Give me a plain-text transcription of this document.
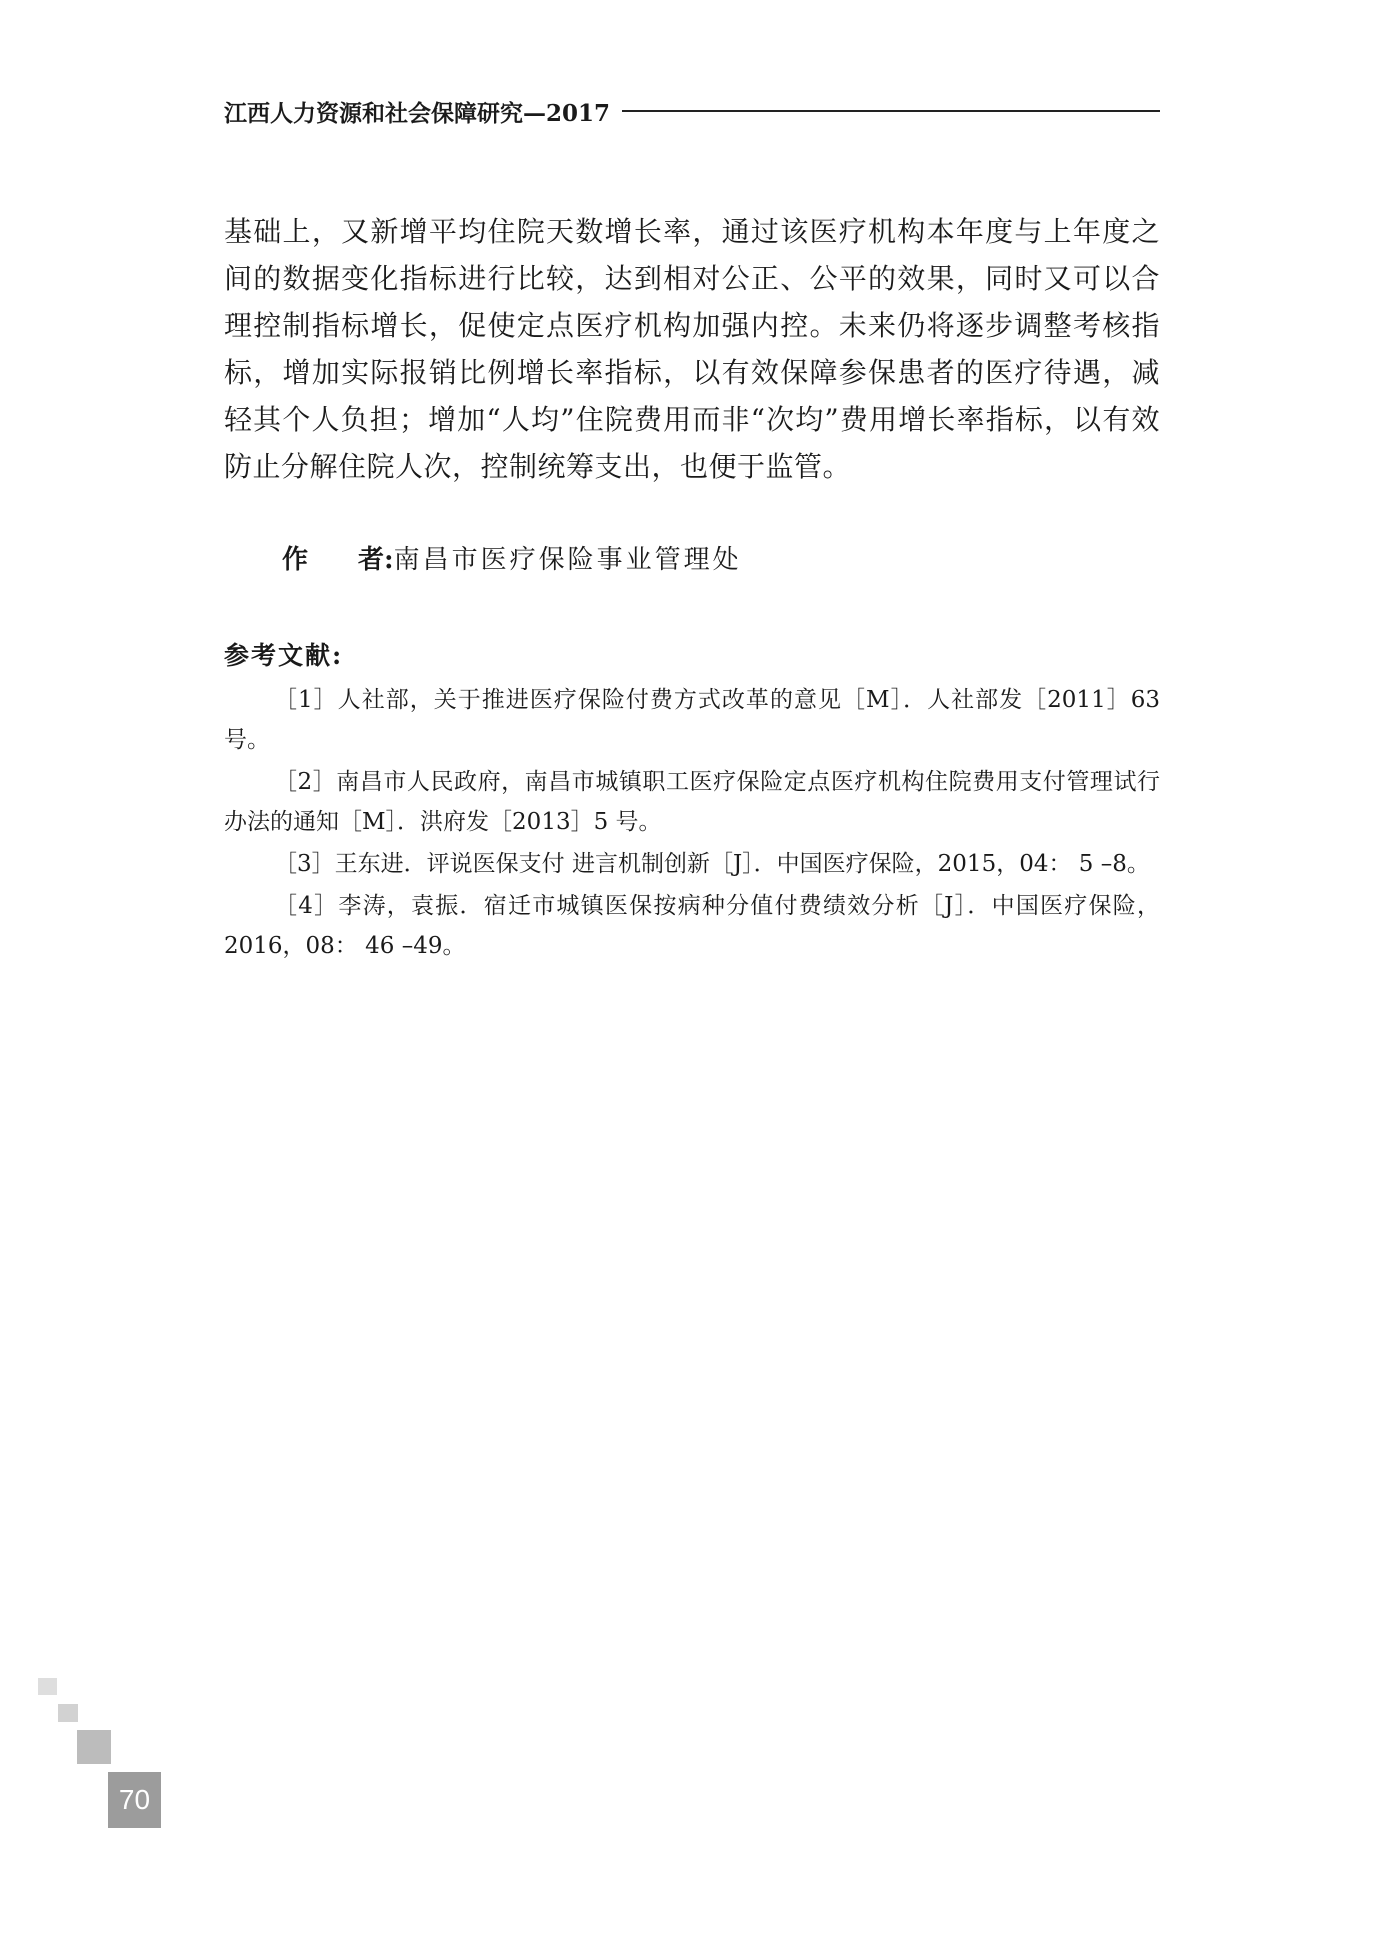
江西人力资源和社会保障研究—2017
基础上，又新增平均住院天数增长率，通过该医疗机构本年度与上年度之间的数据变化指标进行比较，达到相对公正、公平的效果，同时又可以合理控制指标增长，促使定点医疗机构加强内控。未来仍将逐步调整考核指标，增加实际报销比例增长率指标，以有效保障参保患者的医疗待遇，减轻其个人负担；增加“人均”住院费用而非“次均”费用增长率指标，以有效防止分解住院人次，控制统筹支出，也便于监管。
作 者:南昌市医疗保险事业管理处
参考文献:

［1］人社部，关于推进医疗保险付费方式改革的意见［M］．人社部发［2011］63 号。

［2］南昌市人民政府，南昌市城镇职工医疗保险定点医疗机构住院费用支付管理试行办法的通知［M］．洪府发［2013］5 号。

［3］王东进．评说医保支付 进言机制创新［J］．中国医疗保险，2015，04： 5 –8。

［4］李涛，袁振．宿迁市城镇医保按病种分值付费绩效分析［J］．中国医疗保险，2016，08： 46 –49。

70
